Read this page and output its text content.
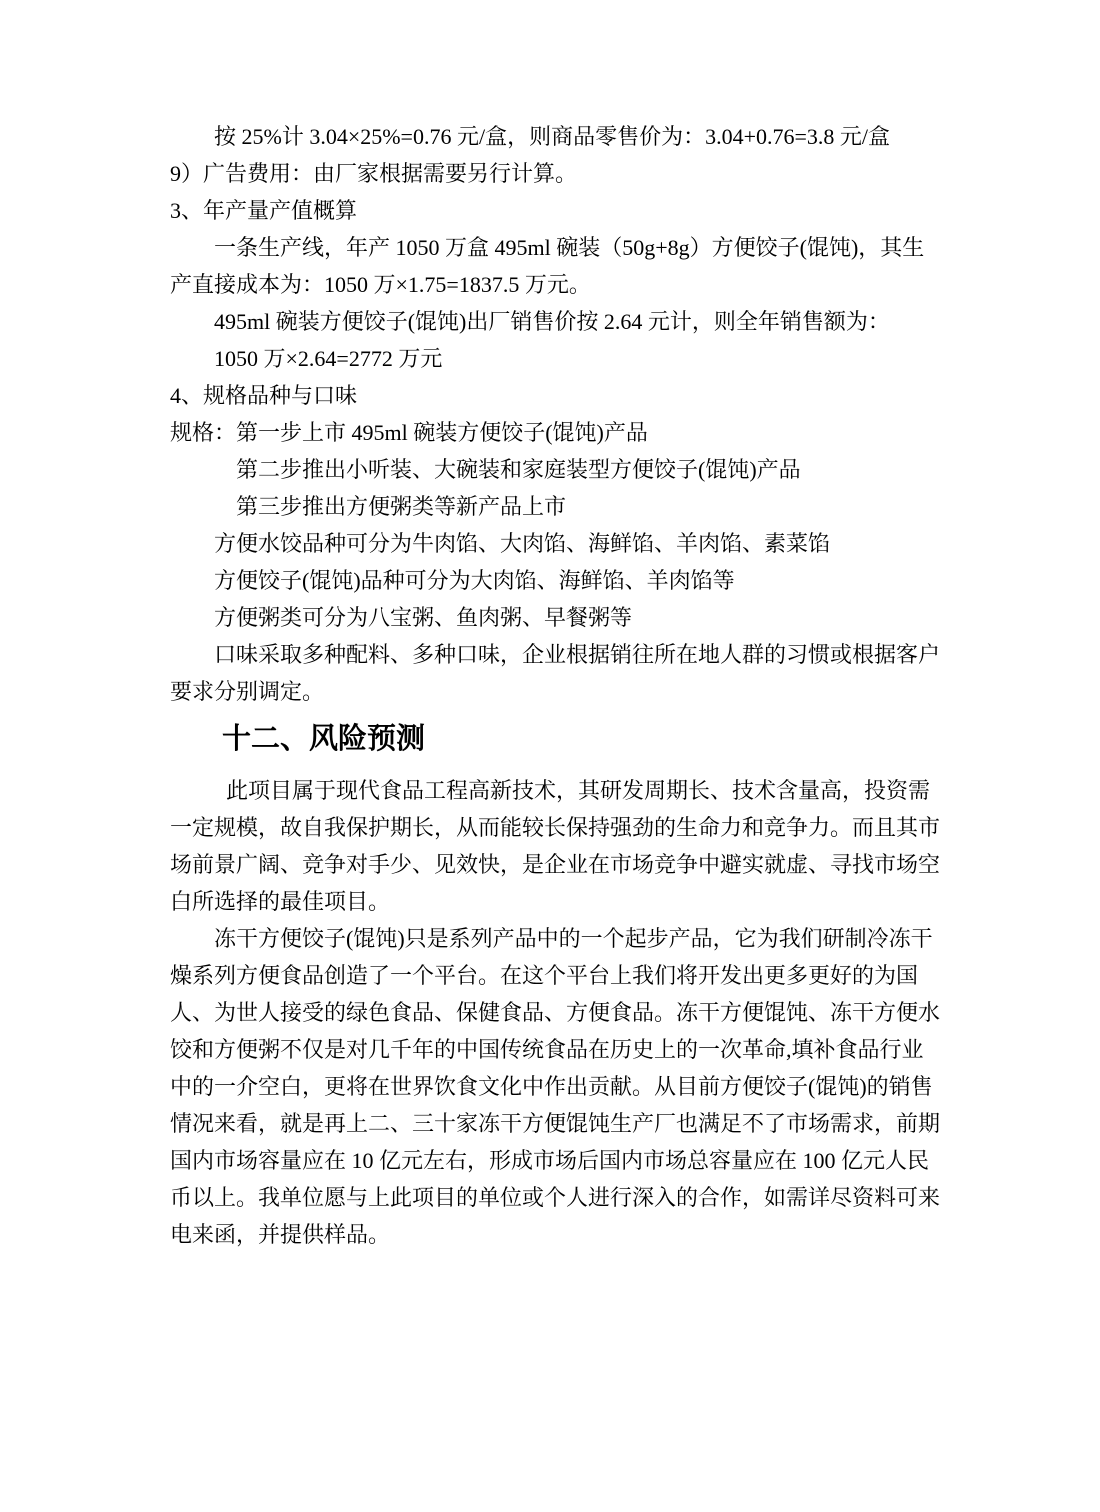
按 25%计 3.04×25%=0.76 元/盒，则商品零售价为：3.04+0.76=3.8 元/盒
9）广告费用：由厂家根据需要另行计算。
3、年产量产值概算
一条生产线，年产 1050 万盒 495ml 碗装（50g+8g）方便饺子(馄饨)，其生
产直接成本为：1050 万×1.75=1837.5 万元。
495ml 碗装方便饺子(馄饨)出厂销售价按 2.64 元计，则全年销售额为：
1050 万×2.64=2772 万元
4、规格品种与口味
规格：第一步上市 495ml 碗装方便饺子(馄饨)产品
第二步推出小听装、大碗装和家庭装型方便饺子(馄饨)产品
第三步推出方便粥类等新产品上市
方便水饺品种可分为牛肉馅、大肉馅、海鲜馅、羊肉馅、素菜馅
方便饺子(馄饨)品种可分为大肉馅、海鲜馅、羊肉馅等
方便粥类可分为八宝粥、鱼肉粥、早餐粥等
口味采取多种配料、多种口味，企业根据销往所在地人群的习惯或根据客户
要求分别调定。
十二、风险预测
此项目属于现代食品工程高新技术，其研发周期长、技术含量高，投资需
一定规模，故自我保护期长，从而能较长保持强劲的生命力和竞争力。而且其市
场前景广阔、竞争对手少、见效快，是企业在市场竞争中避实就虚、寻找市场空
白所选择的最佳项目。
冻干方便饺子(馄饨)只是系列产品中的一个起步产品，它为我们研制冷冻干
燥系列方便食品创造了一个平台。在这个平台上我们将开发出更多更好的为国
人、为世人接受的绿色食品、保健食品、方便食品。冻干方便馄饨、冻干方便水
饺和方便粥不仅是对几千年的中国传统食品在历史上的一次革命,填补食品行业
中的一介空白，更将在世界饮食文化中作出贡献。从目前方便饺子(馄饨)的销售
情况来看，就是再上二、三十家冻干方便馄饨生产厂也满足不了市场需求，前期
国内市场容量应在 10 亿元左右，形成市场后国内市场总容量应在 100 亿元人民
币以上。我单位愿与上此项目的单位或个人进行深入的合作，如需详尽资料可来
电来函，并提供样品。
